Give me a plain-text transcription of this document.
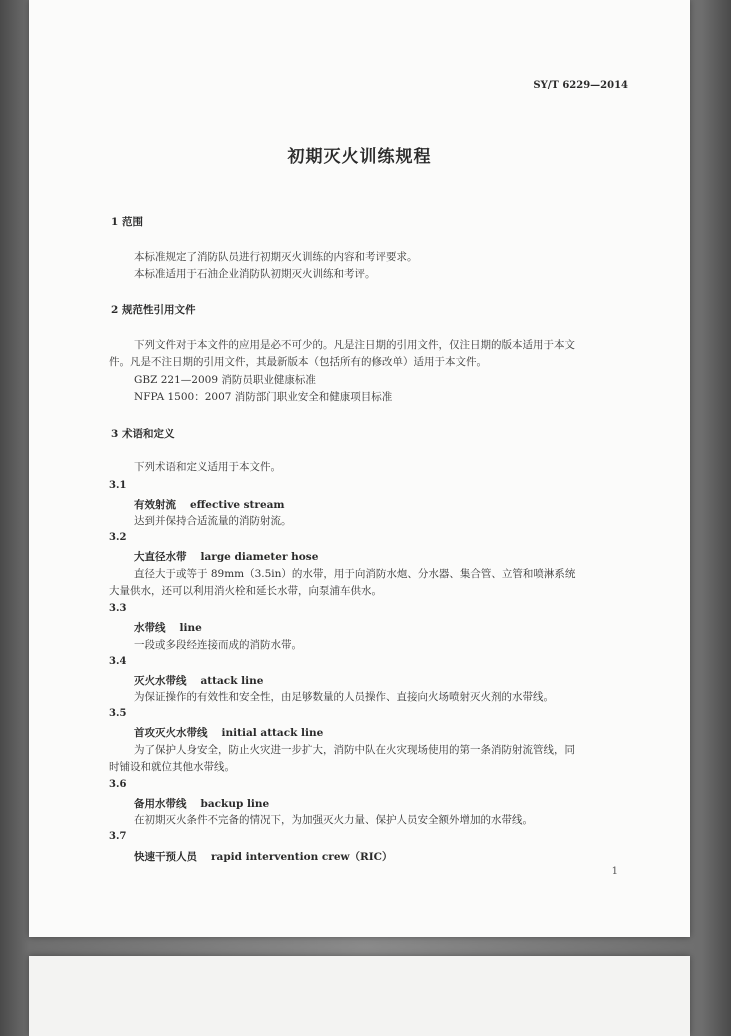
SY/T 6229—2014
初期灭火训练规程
1 范围
本标准规定了消防队员进行初期灭火训练的内容和考评要求。
本标准适用于石油企业消防队初期灭火训练和考评。
2 规范性引用文件
下列文件对于本文件的应用是必不可少的。凡是注日期的引用文件，仅注日期的版本适用于本文
件。凡是不注日期的引用文件，其最新版本（包括所有的修改单）适用于本文件。
GBZ 221—2009 消防员职业健康标准
NFPA 1500：2007 消防部门职业安全和健康项目标准
3 术语和定义
下列术语和定义适用于本文件。
3.1
有效射流 effective stream
达到并保持合适流量的消防射流。
3.2
大直径水带 large diameter hose
直径大于或等于 89mm（3.5in）的水带，用于向消防水炮、分水器、集合管、立管和喷淋系统
大量供水，还可以利用消火栓和延长水带，向泵浦车供水。
3.3
水带线 line
一段或多段经连接而成的消防水带。
3.4
灭火水带线 attack line
为保证操作的有效性和安全性，由足够数量的人员操作、直接向火场喷射灭火剂的水带线。
3.5
首攻灭火水带线 initial attack line
为了保护人身安全，防止火灾进一步扩大，消防中队在火灾现场使用的第一条消防射流管线，同
时铺设和就位其他水带线。
3.6
备用水带线 backup line
在初期灭火条件不完备的情况下，为加强灭火力量、保护人员安全额外增加的水带线。
3.7
快速干预人员 rapid intervention crew（RIC）
1
